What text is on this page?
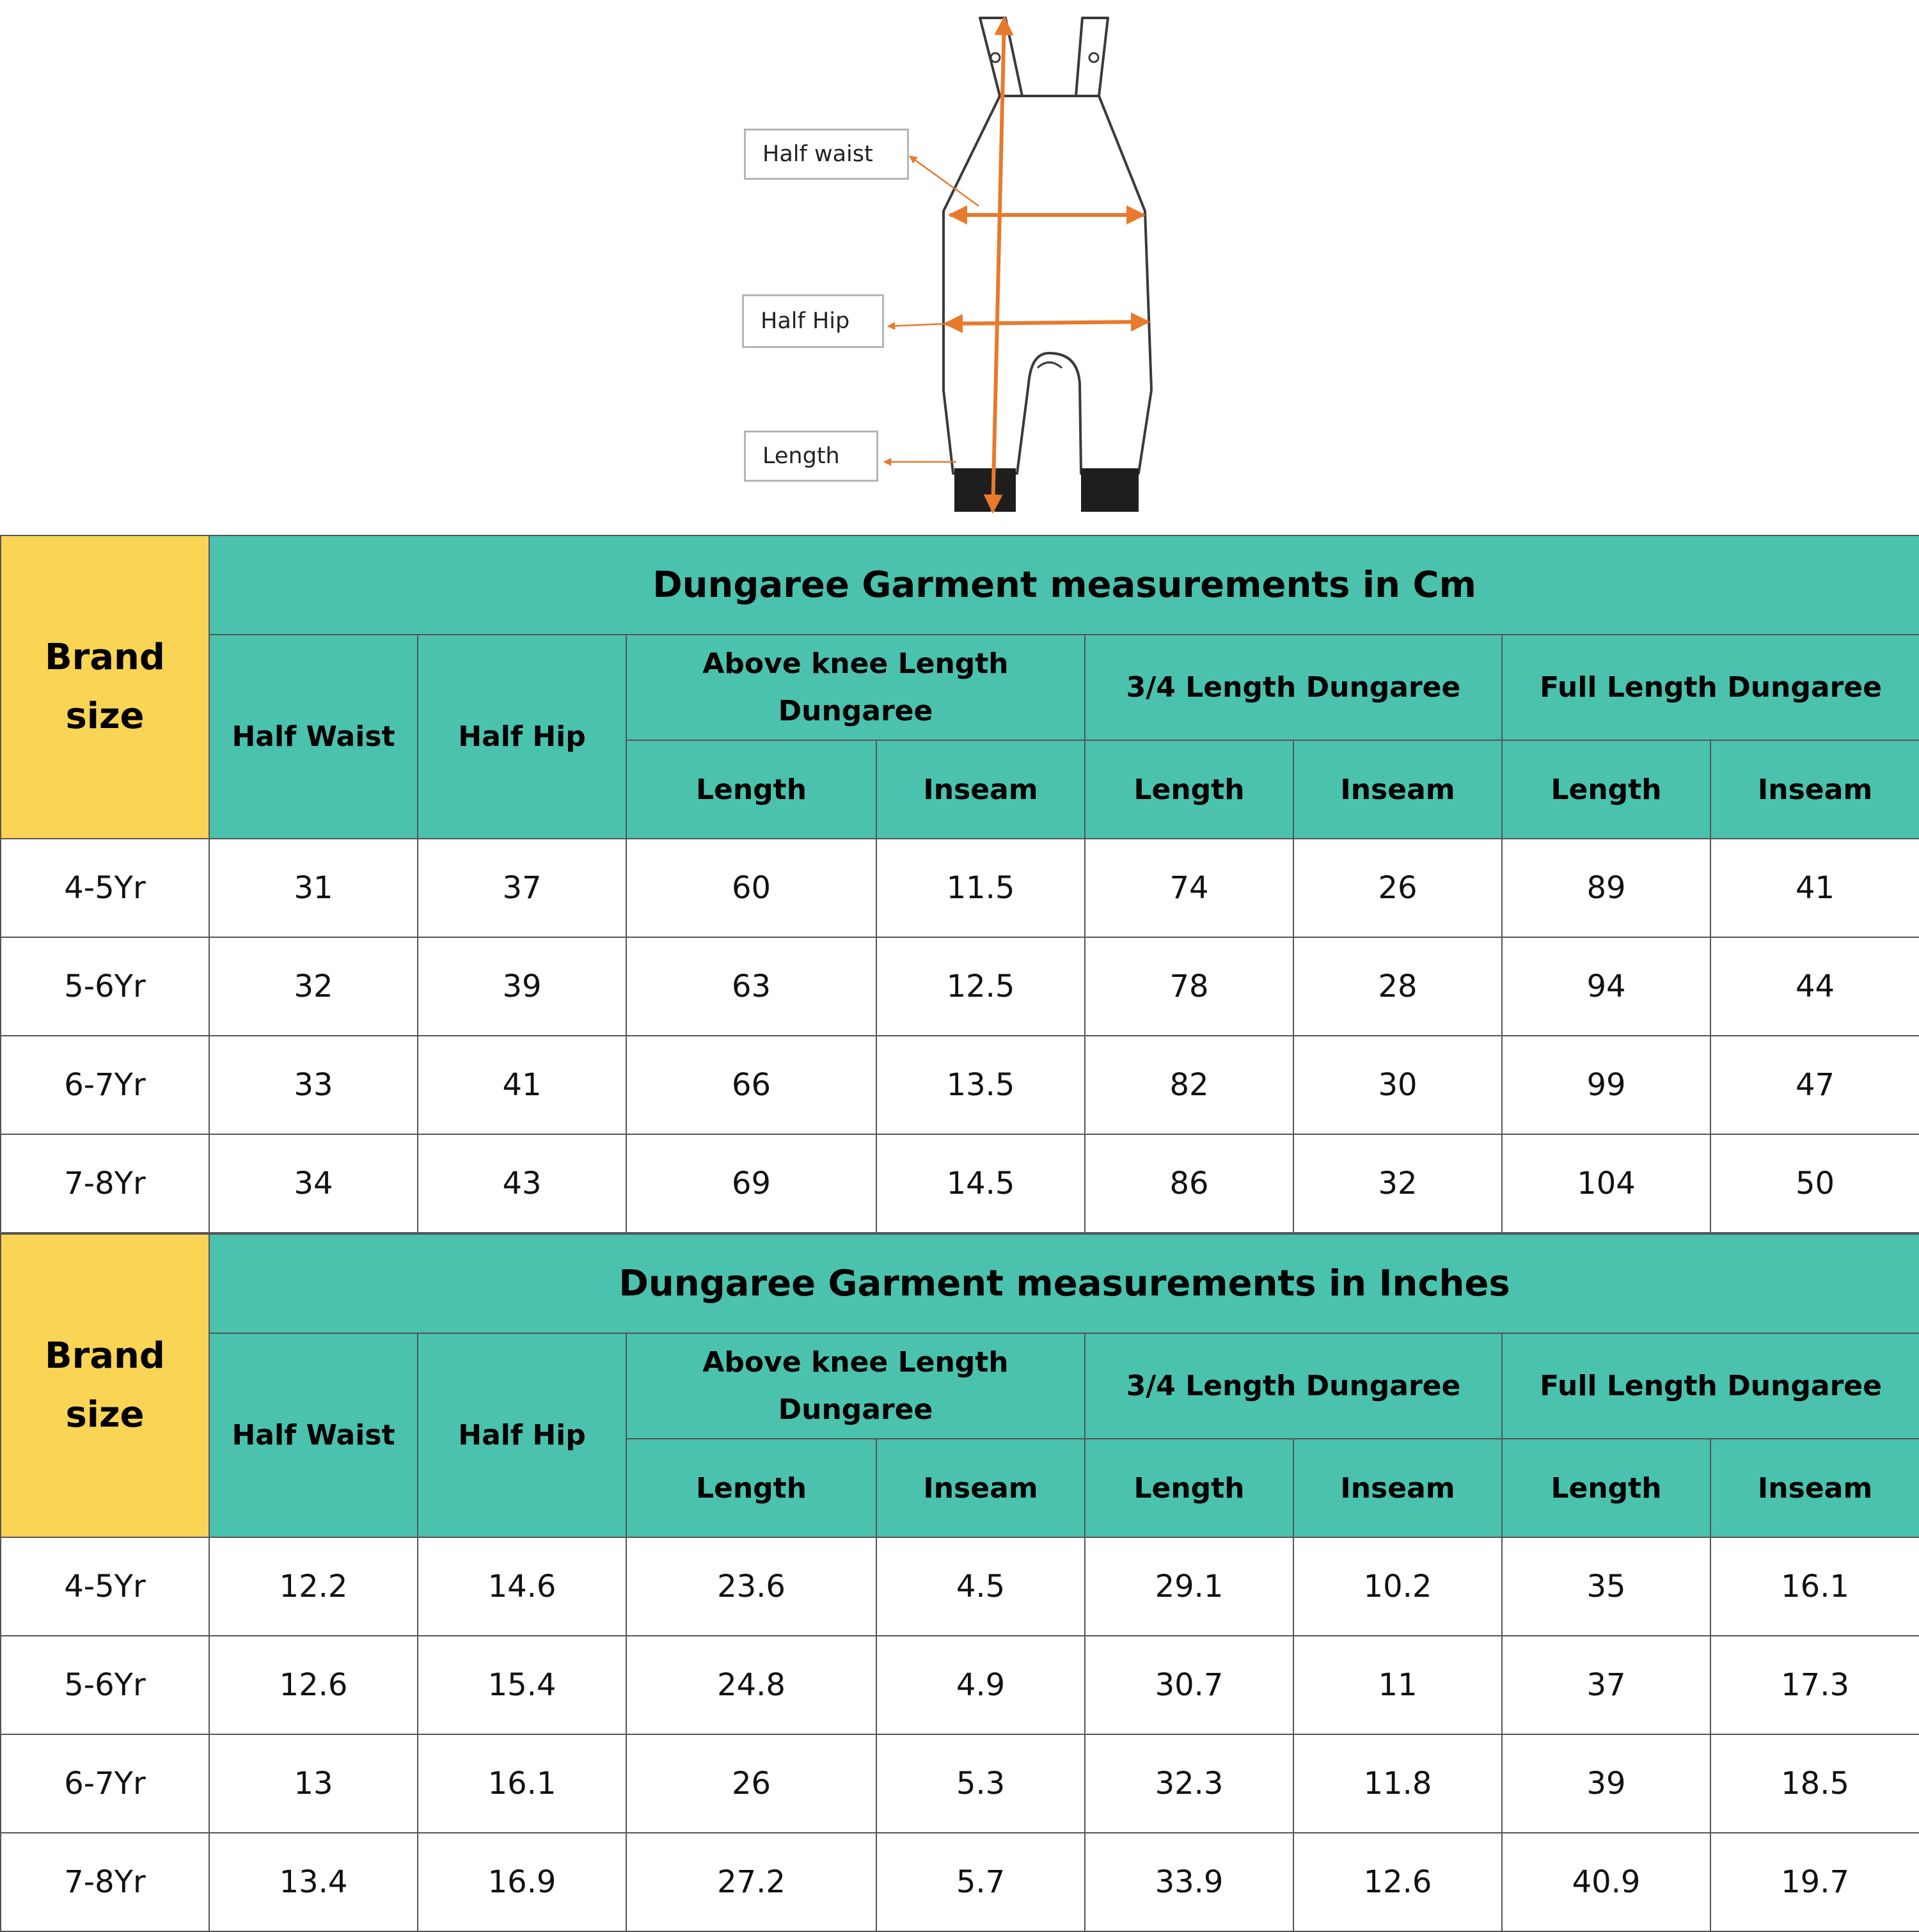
Half waist
Half Hip
Length
Brand
size	Dungaree Garment measurements in Cm							
	Half Waist	Half Hip	Above knee Length
Dungaree		3/4 Length Dungaree		Full Length Dungaree	
			Length	Inseam	Length	Inseam	Length	Inseam
4-5Yr	31	37	60	11.5	74	26	89	41
5-6Yr	32	39	63	12.5	78	28	94	44
6-7Yr	33	41	66	13.5	82	30	99	47
7-8Yr	34	43	69	14.5	86	32	104	50
Brand
size	Dungaree Garment measurements in Inches							
	Half Waist	Half Hip	Above knee Length
Dungaree		3/4 Length Dungaree		Full Length Dungaree	
			Length	Inseam	Length	Inseam	Length	Inseam
4-5Yr	12.2	14.6	23.6	4.5	29.1	10.2	35	16.1
5-6Yr	12.6	15.4	24.8	4.9	30.7	11	37	17.3
6-7Yr	13	16.1	26	5.3	32.3	11.8	39	18.5
7-8Yr	13.4	16.9	27.2	5.7	33.9	12.6	40.9	19.7
